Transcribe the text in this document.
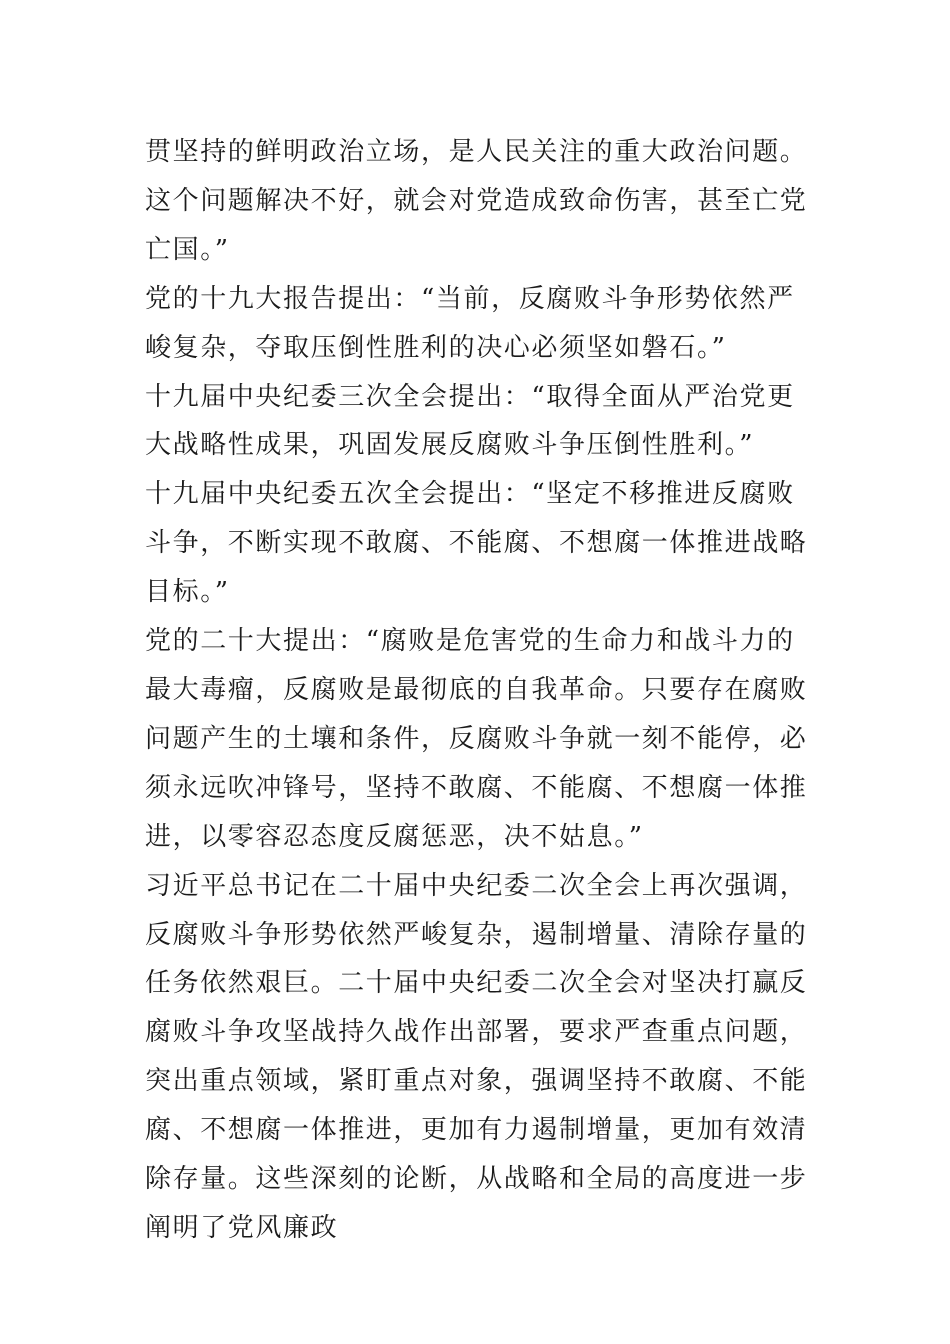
贯坚持的鲜明政治立场，是人民关注的重大政治问题。这个问题解决不好，就会对党造成致命伤害，甚至亡党亡国。”

党的十九大报告提出：“当前，反腐败斗争形势依然严峻复杂，夺取压倒性胜利的决心必须坚如磐石。”

十九届中央纪委三次全会提出：“取得全面从严治党更大战略性成果，巩固发展反腐败斗争压倒性胜利。”

十九届中央纪委五次全会提出：“坚定不移推进反腐败斗争，不断实现不敢腐、不能腐、不想腐一体推进战略目标。”

党的二十大提出：“腐败是危害党的生命力和战斗力的最大毒瘤，反腐败是最彻底的自我革命。只要存在腐败问题产生的土壤和条件，反腐败斗争就一刻不能停，必须永远吹冲锋号，坚持不敢腐、不能腐、不想腐一体推进，以零容忍态度反腐惩恶，决不姑息。”

习近平总书记在二十届中央纪委二次全会上再次强调，反腐败斗争形势依然严峻复杂，遏制增量、清除存量的任务依然艰巨。二十届中央纪委二次全会对坚决打赢反腐败斗争攻坚战持久战作出部署，要求严查重点问题，突出重点领域，紧盯重点对象，强调坚持不敢腐、不能腐、不想腐一体推进，更加有力遏制增量，更加有效清除存量。这些深刻的论断，从战略和全局的高度进一步阐明了党风廉政
